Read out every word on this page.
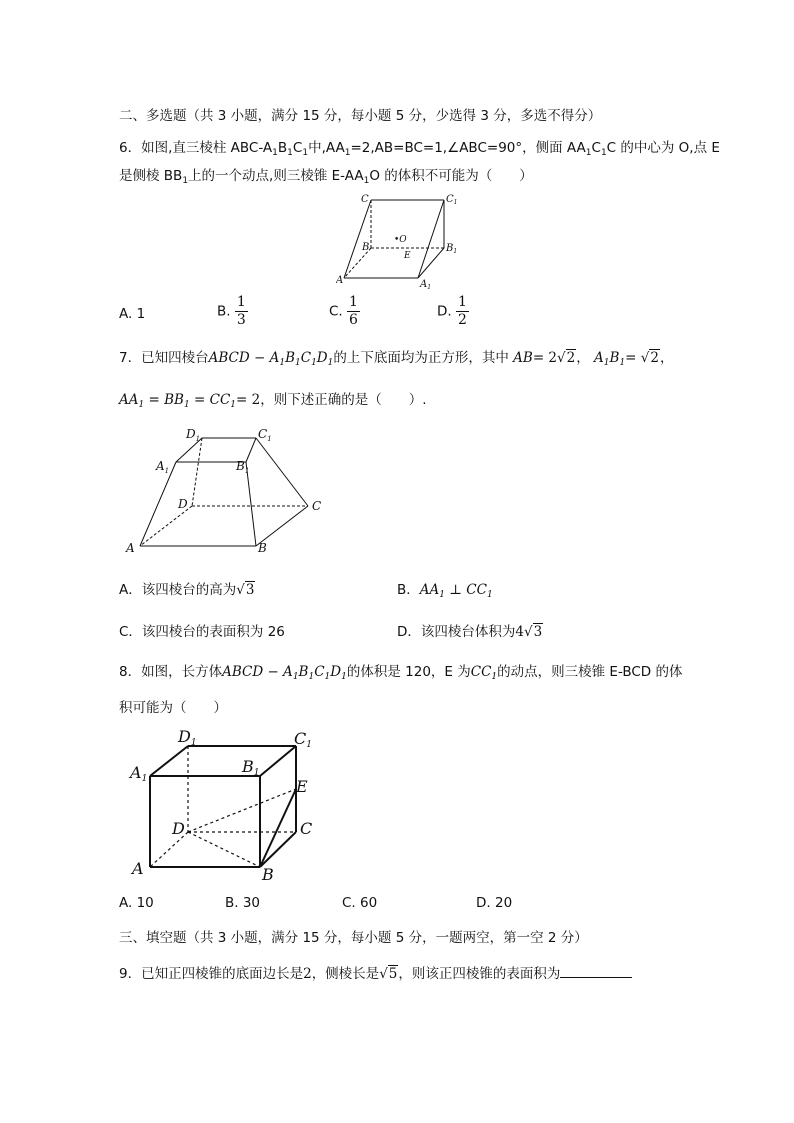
二、多选题（共 3 小题，满分 15 分，每小题 5 分，少选得 3 分，多选不得分）
6．如图,直三棱柱 ABC-$A_1B_1C_1$中$,AA_1=2,AB=BC=1,\angle ABC=90^\circ$，侧面 $AA_1C_1C$ 的中心为 O,点 E
是侧棱 $BB_1$上的一个动点,则三棱锥 $E-AA_1O$ 的体积不可能为（　　）
C	$C_1$
B	$B_1$
•O
E
A	$A_1$
A. 1	B. $\frac{1}{3}$	C. $\frac{1}{6}$	D. $\frac{1}{2}$
7．已知四棱台ABCD − $A_1B_1C_1D_1$的上下底面均为正方形，其中 AB= 2√2， $A_1B_1= √2$，
$AA_1 = BB_1 = CC_1= 2$，则下述正确的是（　　）.
$D_1$	$C_1$
$A_1$	$B_1$
D	C
A	B
A．该四棱台的高为√3	B．$AA_1$ ⊥ $CC_1$
C．该四棱台的表面积为 26	D．该四棱台体积为4√3
8．如图，长方体ABCD − $A_1B_1C_1D_1$的体积是 120，E 为$CC_1$的动点，则三棱锥 E-BCD 的体
积可能为（　　）
D1	C1
A1
B1
E
D	C
A	B
A. 10	B. 30	C. 60	D. 20
三、填空题（共 3 小题，满分 15 分，每小题 5 分，一题两空，第一空 2 分）
9．已知正四棱锥的底面边长是2，侧棱长是√5，则该正四棱锥的表面积为
